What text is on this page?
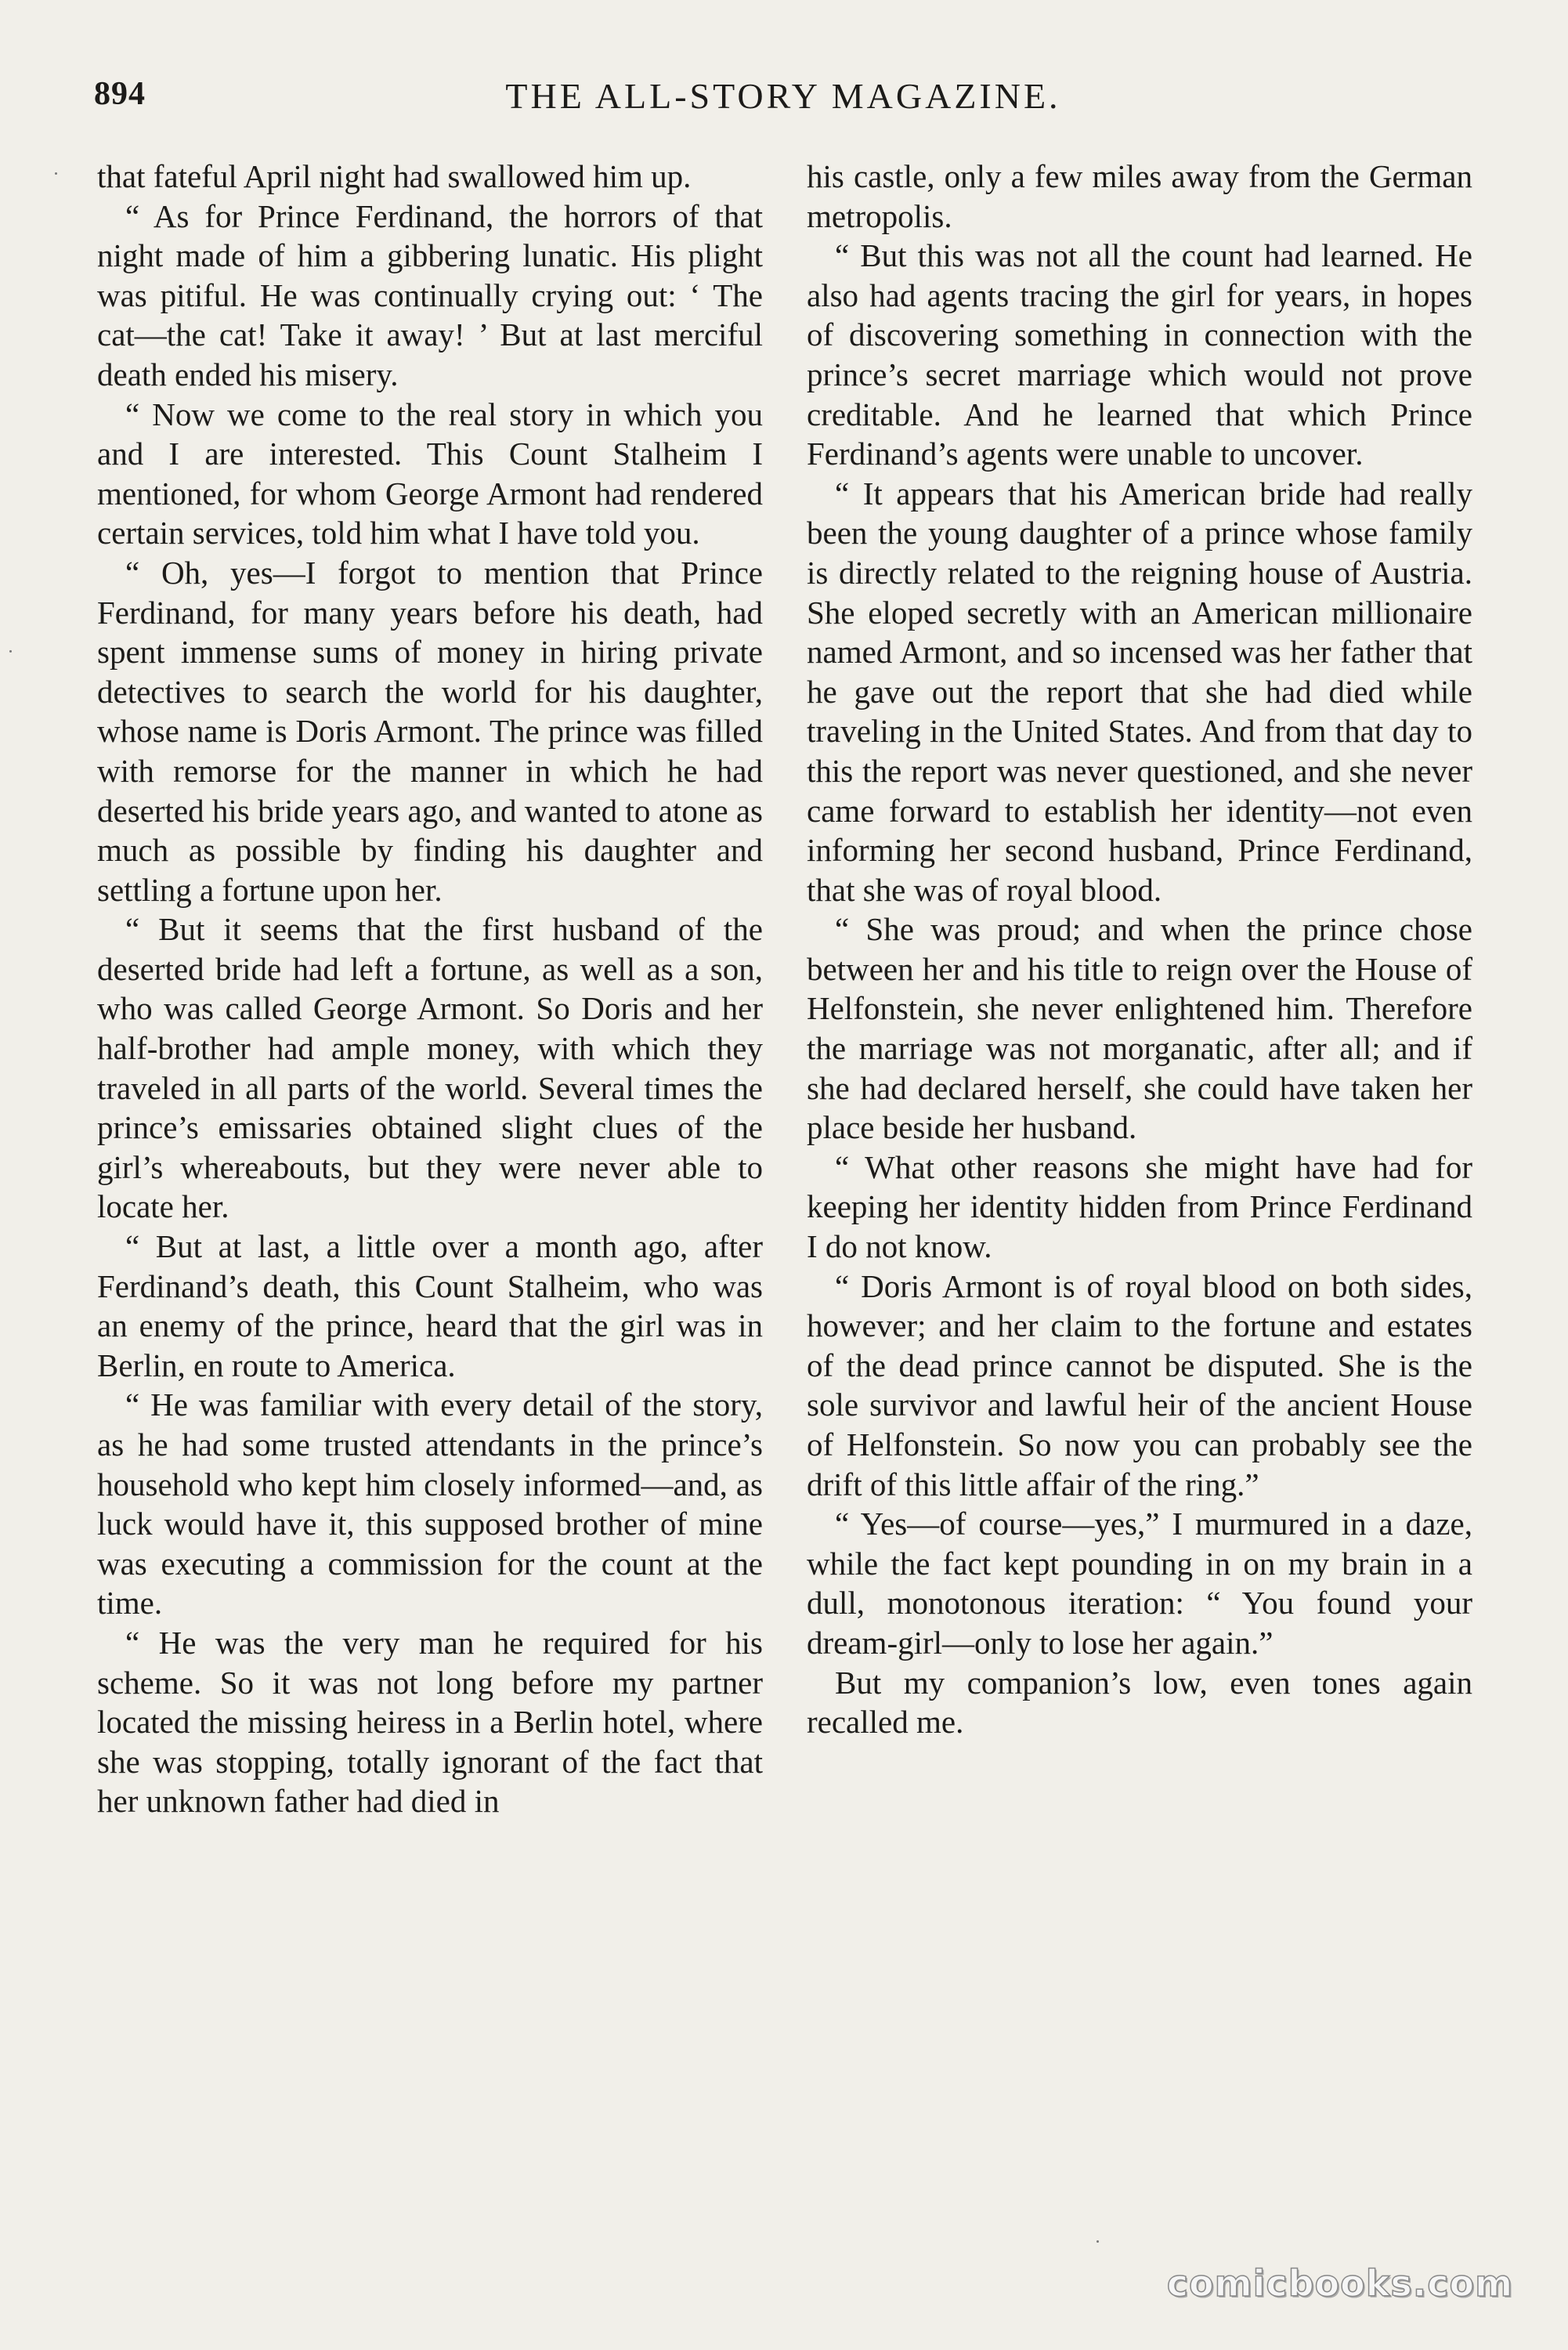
894	THE ALL-STORY MAGAZINE.

that fateful April night had swallowed him up.

“ As for Prince Ferdinand, the horrors of that night made of him a gibbering lunatic. His plight was pitiful. He was continually crying out: ‘ The cat—the cat! Take it away! ’ But at last merciful death ended his misery.

“ Now we come to the real story in which you and I are interested. This Count Stalheim I mentioned, for whom George Armont had rendered certain services, told him what I have told you.

“ Oh, yes—I forgot to mention that Prince Ferdinand, for many years before his death, had spent immense sums of money in hiring private detectives to search the world for his daughter, whose name is Doris Armont. The prince was filled with remorse for the manner in which he had deserted his bride years ago, and wanted to atone as much as possible by finding his daughter and settling a fortune upon her.

“ But it seems that the first husband of the deserted bride had left a fortune, as well as a son, who was called George Armont. So Doris and her half-brother had ample money, with which they traveled in all parts of the world. Several times the prince’s emissaries obtained slight clues of the girl’s whereabouts, but they were never able to locate her.

“ But at last, a little over a month ago, after Ferdinand’s death, this Count Stalheim, who was an enemy of the prince, heard that the girl was in Berlin, en route to America.

“ He was familiar with every detail of the story, as he had some trusted attendants in the prince’s household who kept him closely informed—and, as luck would have it, this supposed brother of mine was executing a commission for the count at the time.

“ He was the very man he required for his scheme. So it was not long before my partner located the missing heiress in a Berlin hotel, where she was stopping, totally ignorant of the fact that her unknown father had died in

his castle, only a few miles away from the German metropolis.

“ But this was not all the count had learned. He also had agents tracing the girl for years, in hopes of discovering something in connection with the prince’s secret marriage which would not prove creditable. And he learned that which Prince Ferdinand’s agents were unable to uncover.

“ It appears that his American bride had really been the young daughter of a prince whose family is directly related to the reigning house of Austria. She eloped secretly with an American millionaire named Armont, and so incensed was her father that he gave out the report that she had died while traveling in the United States. And from that day to this the report was never questioned, and she never came forward to establish her identity—not even informing her second husband, Prince Ferdinand, that she was of royal blood.

“ She was proud; and when the prince chose between her and his title to reign over the House of Helfonstein, she never enlightened him. Therefore the marriage was not morganatic, after all; and if she had declared herself, she could have taken her place beside her husband.

“ What other reasons she might have had for keeping her identity hidden from Prince Ferdinand I do not know.

“ Doris Armont is of royal blood on both sides, however; and her claim to the fortune and estates of the dead prince cannot be disputed. She is the sole survivor and lawful heir of the ancient House of Helfonstein. So now you can probably see the drift of this little affair of the ring.”

“ Yes—of course—yes,” I murmured in a daze, while the fact kept pounding in on my brain in a dull, monotonous iteration: “ You found your dream-girl—only to lose her again.”

But my companion’s low, even tones again recalled me.

comicbooks.com
